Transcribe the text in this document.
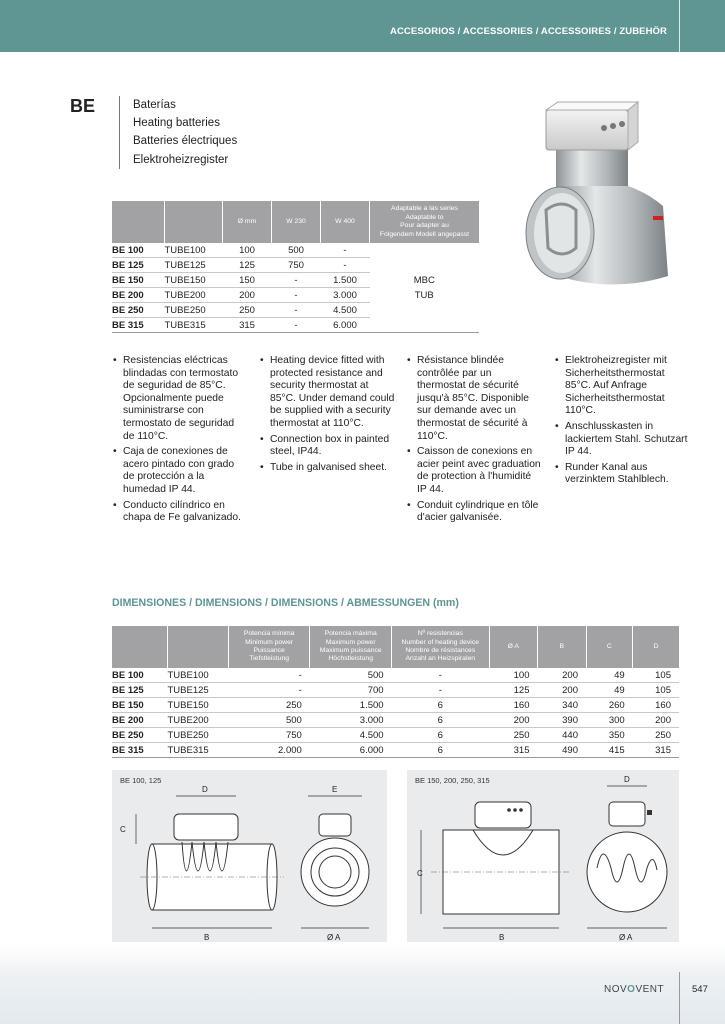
ACCESORIOS / ACCESSORIES / ACCESSOIRES / ZUBEHÖR
BE	Baterías
Heating batteries
Batteries électriques
Elektroheizregister
		Ø mm	W 230	W 400	Adaptable a las series
Adaptable to
Pour adapter au
Folgendem Modell angepasst
BE 100	TUBE100	100	500	-	
BE 125	TUBE125	125	750	-	
BE 150	TUBE150	150	-	1.500	MBC
BE 200	TUBE200	200	-	3.000	TUB
BE 250	TUBE250	250	-	4.500	
BE 315	TUBE315	315	-	6.000	
• Resistencias eléctricas blindadas con termostato de seguridad de 85°C. Opcionalmente puede suministrarse con termostato de seguridad de 110°C.
• Caja de conexiones de acero pintado con grado de protección a la humedad IP 44.
• Conducto cilíndrico en chapa de Fe galvanizado.
• Heating device fitted with protected resistance and security thermostat at 85°C. Under demand could be supplied with a security thermostat at 110°C.
• Connection box in painted steel, IP44.
• Tube in galvanised sheet.
• Résistance blindée contrôlée par un thermostat de sécurité jusqu'à 85°C. Disponible sur demande avec un thermostat de sécurité à 110°C.
• Caisson de conexions en acier peint avec graduation de protection à l'humidité IP 44.
• Conduit cylindrique en tôle d'acier galvanisée.
• Elektroheizregister mit Sicherheitsthermostat 85°C. Auf Anfrage Sicherheitsthermostat 110°C.
• Anschlusskasten in lackiertem Stahl. Schutzart IP 44.
• Runder Kanal aus verzinktem Stahlblech.
DIMENSIONES / DIMENSIONS / DIMENSIONS / ABMESSUNGEN (mm)
		Potencia mínima
Minimum power
Puissance
Tiefstleistung	Potencia máxima
Maximum power
Maximum puissance
Höchstleistung	Nº resistencias
Number of heating device
Nombre de résistances
Anzahl an Heizspiralen	Ø A	B	C	D
BE 100	TUBE100	-	500	-	100	200	49	105
BE 125	TUBE125	-	700	-	125	200	49	105
BE 150	TUBE150	250	1.500	6	160	340	260	160
BE 200	TUBE200	500	3.000	6	200	390	300	200
BE 250	TUBE250	750	4.500	6	250	440	350	250
BE 315	TUBE315	2.000	6.000	6	315	490	415	315
BE 100, 125
D
B
C
E
Ø A
BE 150, 200, 250, 315
C
B
D
Ø A
NOVOVENT	547
